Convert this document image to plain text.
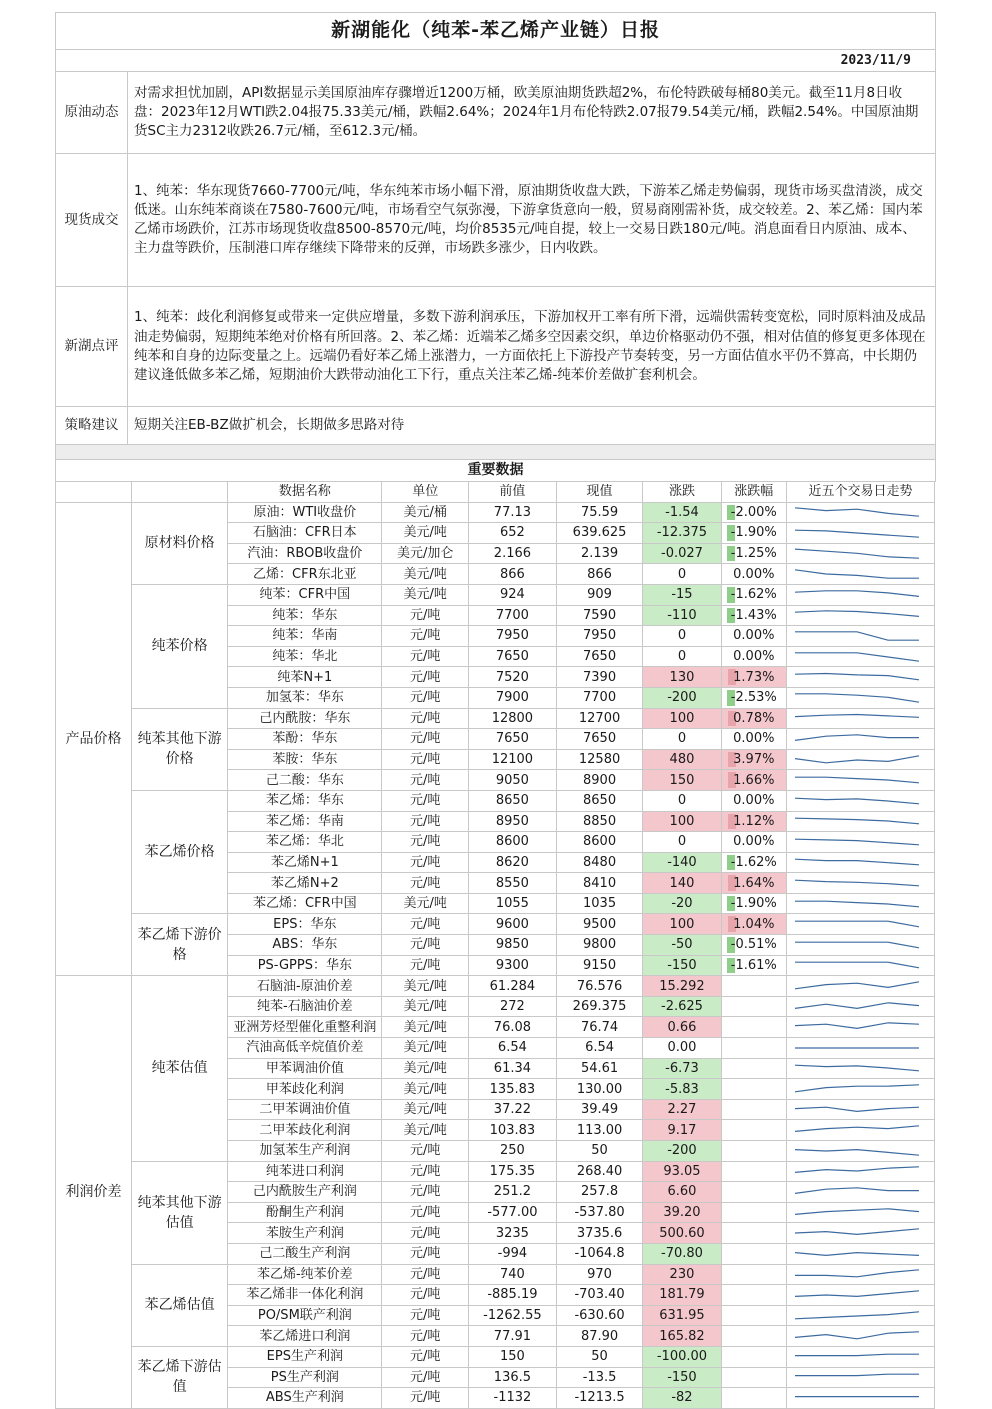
新湖能化（纯苯-苯乙烯产业链）日报	
2023/11/9	
原油动态	对需求担忧加剧，API数据显示美国原油库存骤增近1200万桶，欧美原油期货跌超2%，布伦特跌破每桶80美元。截至11月8日收盘：2023年12月WTI跌2.04报75.33美元/桶，跌幅2.64%；2024年1月布伦特跌2.07报79.54美元/桶，跌幅2.54%。中国原油期货SC主力2312收跌26.7元/桶，至612.3元/桶。
现货成交	1、纯苯：华东现货7660-7700元/吨，华东纯苯市场小幅下滑，原油期货收盘大跌，下游苯乙烯走势偏弱，现货市场买盘清淡，成交低迷。山东纯苯商谈在7580-7600元/吨，市场看空气氛弥漫，下游拿货意向一般，贸易商刚需补货，成交较差。2、苯乙烯：国内苯乙烯市场跌价，江苏市场现货收盘8500-8570元/吨，均价8535元/吨自提，较上一交易日跌180元/吨。消息面看日内原油、成本、主力盘等跌价，压制港口库存继续下降带来的反弹，市场跌多涨少，日内收跌。
新湖点评	1、纯苯：歧化利润修复或带来一定供应增量，多数下游利润承压，下游加权开工率有所下滑，远端供需转变宽松，同时原料油及成品油走势偏弱，短期纯苯绝对价格有所回落。2、苯乙烯：近端苯乙烯多空因素交织，单边价格驱动仍不强，相对估值的修复更多体现在纯苯和自身的边际变量之上。远端仍看好苯乙烯上涨潜力，一方面依托上下游投产节奏转变，另一方面估值水平仍不算高，中长期仍建议逢低做多苯乙烯，短期油价大跌带动油化工下行，重点关注苯乙烯-纯苯价差做扩套利机会。
策略建议	短期关注EB-BZ做扩机会，长期做多思路对待

重要数据	
		数据名称	单位	前值	现值	涨跌	涨跌幅	近五个交易日走势
产品价格	原材料价格	原油：WTI收盘价	美元/桶	77.13	75.59	-1.54	-2.00%	

		石脑油：CFR日本	美元/吨	652	639.625	-12.375	-1.90%	

		汽油：RBOB收盘价	美元/加仑	2.166	2.139	-0.027	-1.25%	

		乙烯：CFR东北亚	美元/吨	866	866	0	0.00%	

	纯苯价格	纯苯：CFR中国	美元/吨	924	909	-15	-1.62%	

		纯苯：华东	元/吨	7700	7590	-110	-1.43%	

		纯苯：华南	元/吨	7950	7950	0	0.00%	

		纯苯：华北	元/吨	7650	7650	0	0.00%	

		纯苯N+1	元/吨	7520	7390	130	1.73%	

		加氢苯：华东	元/吨	7900	7700	-200	-2.53%	

	纯苯其他下游价格	己内酰胺：华东	元/吨	12800	12700	100	0.78%	

		苯酚：华东	元/吨	7650	7650	0	0.00%	

		苯胺：华东	元/吨	12100	12580	480	3.97%	

		己二酸：华东	元/吨	9050	8900	150	1.66%	

	苯乙烯价格	苯乙烯：华东	元/吨	8650	8650	0	0.00%	

		苯乙烯：华南	元/吨	8950	8850	100	1.12%	

		苯乙烯：华北	元/吨	8600	8600	0	0.00%	

		苯乙烯N+1	元/吨	8620	8480	-140	-1.62%	

		苯乙烯N+2	元/吨	8550	8410	140	1.64%	

		苯乙烯：CFR中国	美元/吨	1055	1035	-20	-1.90%	

	苯乙烯下游价格	EPS：华东	元/吨	9600	9500	100	1.04%	

		ABS：华东	元/吨	9850	9800	-50	-0.51%	

		PS-GPPS：华东	元/吨	9300	9150	-150	-1.61%	

利润价差	纯苯估值	石脑油-原油价差	美元/吨	61.284	76.576	15.292		

		纯苯-石脑油价差	美元/吨	272	269.375	-2.625		

		亚洲芳烃型催化重整利润	美元/吨	76.08	76.74	0.66		

		汽油高低辛烷值价差	美元/吨	6.54	6.54	0.00		

		甲苯调油价值	美元/吨	61.34	54.61	-6.73		

		甲苯歧化利润	美元/吨	135.83	130.00	-5.83		

		二甲苯调油价值	美元/吨	37.22	39.49	2.27		

		二甲苯歧化利润	美元/吨	103.83	113.00	9.17		

		加氢苯生产利润	元/吨	250	50	-200		

	纯苯其他下游估值	纯苯进口利润	元/吨	175.35	268.40	93.05		

		己内酰胺生产利润	元/吨	251.2	257.8	6.60		

		酚酮生产利润	元/吨	-577.00	-537.80	39.20		

		苯胺生产利润	元/吨	3235	3735.6	500.60		

		己二酸生产利润	元/吨	-994	-1064.8	-70.80		

	苯乙烯估值	苯乙烯-纯苯价差	元/吨	740	970	230		

		苯乙烯非一体化利润	元/吨	-885.19	-703.40	181.79		

		PO/SM联产利润	元/吨	-1262.55	-630.60	631.95		

		苯乙烯进口利润	元/吨	77.91	87.90	165.82		

	苯乙烯下游估值	EPS生产利润	元/吨	150	50	-100.00		

		PS生产利润	元/吨	136.5	-13.5	-150		

		ABS生产利润	元/吨	-1132	-1213.5	-82		
